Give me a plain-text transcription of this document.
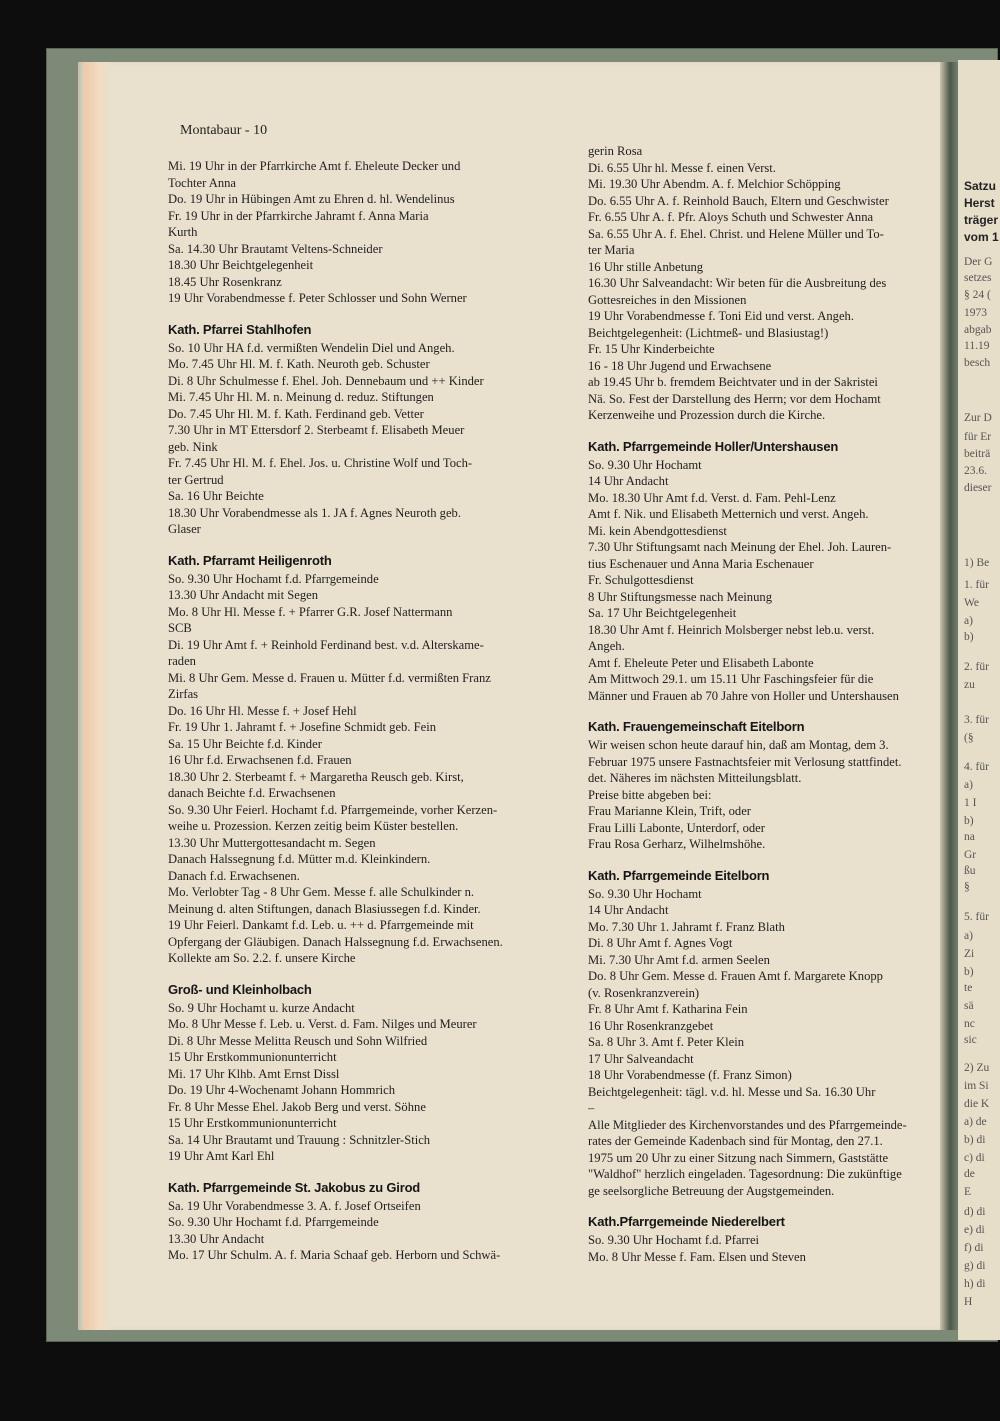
Satzu
Herst
träger
vom 1
Der G
setzes
§ 24 (
1973
abgab
11.19
besch
Zur D
für Er
beiträ
23.6.
dieser
1) Be
1. für
We
a)
b)
2. für
zu
3. für
(§
4. für
a)
1 I
b)
na
Gr
ßu
§
5. für
a)
Zi
b)
te
sä
nc
sic
2) Zu
im Si
die K
a) de
b) di
c) di
de
E
d) di
e) di
f) di
g) di
h) di
H
Montabaur - 10
Mi. 19 Uhr in der Pfarrkirche Amt f. Eheleute Decker und
Tochter Anna
Do. 19 Uhr in Hübingen Amt zu Ehren d. hl. Wendelinus
Fr. 19 Uhr in der Pfarrkirche Jahramt f. Anna Maria
Kurth
Sa. 14.30 Uhr Brautamt Veltens-Schneider
18.30 Uhr Beichtgelegenheit
18.45 Uhr Rosenkranz
19 Uhr Vorabendmesse f. Peter Schlosser und Sohn Werner
Kath. Pfarrei Stahlhofen
So. 10 Uhr HA f.d. vermißten Wendelin Diel und Angeh.
Mo. 7.45 Uhr Hl. M. f. Kath. Neuroth geb. Schuster
Di. 8 Uhr Schulmesse f. Ehel. Joh. Dennebaum und ++ Kinder
Mi. 7.45 Uhr Hl. M. n. Meinung d. reduz. Stiftungen
Do. 7.45 Uhr Hl. M. f. Kath. Ferdinand geb. Vetter
7.30 Uhr in MT Ettersdorf 2. Sterbeamt f. Elisabeth Meuer
geb. Nink
Fr. 7.45 Uhr Hl. M. f. Ehel. Jos. u. Christine Wolf und Toch-
ter Gertrud
Sa. 16 Uhr Beichte
18.30 Uhr Vorabendmesse als 1. JA f. Agnes Neuroth geb.
Glaser
Kath. Pfarramt Heiligenroth
So. 9.30 Uhr Hochamt f.d. Pfarrgemeinde
13.30 Uhr Andacht mit Segen
Mo. 8 Uhr Hl. Messe f. + Pfarrer G.R. Josef Nattermann
SCB
Di. 19 Uhr Amt f. + Reinhold Ferdinand best. v.d. Alterskame-
raden
Mi. 8 Uhr Gem. Messe d. Frauen u. Mütter f.d. vermißten Franz
Zirfas
Do. 16 Uhr Hl. Messe f. + Josef Hehl
Fr. 19 Uhr 1. Jahramt f. + Josefine Schmidt geb. Fein
Sa. 15 Uhr Beichte f.d. Kinder
16 Uhr f.d. Erwachsenen f.d. Frauen
18.30 Uhr 2. Sterbeamt f. + Margaretha Reusch geb. Kirst,
danach Beichte f.d. Erwachsenen
So. 9.30 Uhr Feierl. Hochamt f.d. Pfarrgemeinde, vorher Kerzen-
weihe u. Prozession. Kerzen zeitig beim Küster bestellen.
13.30 Uhr Muttergottesandacht m. Segen
Danach Halssegnung f.d. Mütter m.d. Kleinkindern.
Danach f.d. Erwachsenen.
Mo. Verlobter Tag - 8 Uhr Gem. Messe f. alle Schulkinder n.
Meinung d. alten Stiftungen, danach Blasiussegen f.d. Kinder.
19 Uhr Feierl. Dankamt f.d. Leb. u. ++ d. Pfarrgemeinde mit
Opfergang der Gläubigen. Danach Halssegnung f.d. Erwachsenen.
Kollekte am So. 2.2. f. unsere Kirche
Groß- und Kleinholbach
So. 9 Uhr Hochamt u. kurze Andacht
Mo. 8 Uhr Messe f. Leb. u. Verst. d. Fam. Nilges und Meurer
Di. 8 Uhr Messe Melitta Reusch und Sohn Wilfried
15 Uhr Erstkommunionunterricht
Mi. 17 Uhr Klhb. Amt Ernst Dissl
Do. 19 Uhr 4-Wochenamt Johann Hommrich
Fr. 8 Uhr Messe Ehel. Jakob Berg und verst. Söhne
15 Uhr Erstkommunionunterricht
Sa. 14 Uhr Brautamt und Trauung : Schnitzler-Stich
19 Uhr Amt Karl Ehl
Kath. Pfarrgemeinde St. Jakobus zu Girod
Sa. 19 Uhr Vorabendmesse 3. A. f. Josef Ortseifen
So. 9.30 Uhr Hochamt f.d. Pfarrgemeinde
13.30 Uhr Andacht
Mo. 17 Uhr Schulm. A. f. Maria Schaaf geb. Herborn und Schwä-
gerin Rosa
Di. 6.55 Uhr hl. Messe f. einen Verst.
Mi. 19.30 Uhr Abendm. A. f. Melchior Schöpping
Do. 6.55 Uhr A. f. Reinhold Bauch, Eltern und Geschwister
Fr. 6.55 Uhr A. f. Pfr. Aloys Schuth und Schwester Anna
Sa. 6.55 Uhr A. f. Ehel. Christ. und Helene Müller und To-
ter Maria
16 Uhr stille Anbetung
16.30 Uhr Salveandacht: Wir beten für die Ausbreitung des
Gottesreiches in den Missionen
19 Uhr Vorabendmesse f. Toni Eid und verst. Angeh.
Beichtgelegenheit: (Lichtmeß- und Blasiustag!)
Fr. 15 Uhr Kinderbeichte
16 - 18 Uhr Jugend und Erwachsene
ab 19.45 Uhr b. fremdem Beichtvater und in der Sakristei
Nä. So. Fest der Darstellung des Herrn; vor dem Hochamt
Kerzenweihe und Prozession durch die Kirche.
Kath. Pfarrgemeinde Holler/Untershausen
So. 9.30 Uhr Hochamt
14 Uhr Andacht
Mo. 18.30 Uhr Amt f.d. Verst. d. Fam. Pehl-Lenz
Amt f. Nik. und Elisabeth Metternich und verst. Angeh.
Mi. kein Abendgottesdienst
7.30 Uhr Stiftungsamt nach Meinung der Ehel. Joh. Lauren-
tius Eschenauer und Anna Maria Eschenauer
Fr. Schulgottesdienst
8 Uhr Stiftungsmesse nach Meinung
Sa. 17 Uhr Beichtgelegenheit
18.30 Uhr Amt f. Heinrich Molsberger nebst leb.u. verst.
Angeh.
Amt f. Eheleute Peter und Elisabeth Labonte
Am Mittwoch 29.1. um 15.11 Uhr Faschingsfeier für die
Männer und Frauen ab 70 Jahre von Holler und Untershausen
Kath. Frauengemeinschaft Eitelborn
Wir weisen schon heute darauf hin, daß am Montag, dem 3.
Februar 1975 unsere Fastnachtsfeier mit Verlosung stattfindet.
det. Näheres im nächsten Mitteilungsblatt.
Preise bitte abgeben bei:
Frau Marianne Klein, Trift, oder
Frau Lilli Labonte, Unterdorf, oder
Frau Rosa Gerharz, Wilhelmshöhe.
Kath. Pfarrgemeinde Eitelborn
So. 9.30 Uhr Hochamt
14 Uhr Andacht
Mo. 7.30 Uhr 1. Jahramt f. Franz Blath
Di. 8 Uhr Amt f. Agnes Vogt
Mi. 7.30 Uhr Amt f.d. armen Seelen
Do. 8 Uhr Gem. Messe d. Frauen Amt f. Margarete Knopp
(v. Rosenkranzverein)
Fr. 8 Uhr Amt f. Katharina Fein
16 Uhr Rosenkranzgebet
Sa. 8 Uhr 3. Amt f. Peter Klein
17 Uhr Salveandacht
18 Uhr Vorabendmesse (f. Franz Simon)
Beichtgelegenheit: tägl. v.d. hl. Messe und Sa. 16.30 Uhr
–
Alle Mitglieder des Kirchenvorstandes und des Pfarrgemeinde-
rates der Gemeinde Kadenbach sind für Montag, den 27.1.
1975 um 20 Uhr zu einer Sitzung nach Simmern, Gaststätte
"Waldhof" herzlich eingeladen. Tagesordnung: Die zukünftige
ge seelsorgliche Betreuung der Augstgemeinden.
Kath.Pfarrgemeinde Niederelbert
So. 9.30 Uhr Hochamt f.d. Pfarrei
Mo. 8 Uhr Messe f. Fam. Elsen und Steven
